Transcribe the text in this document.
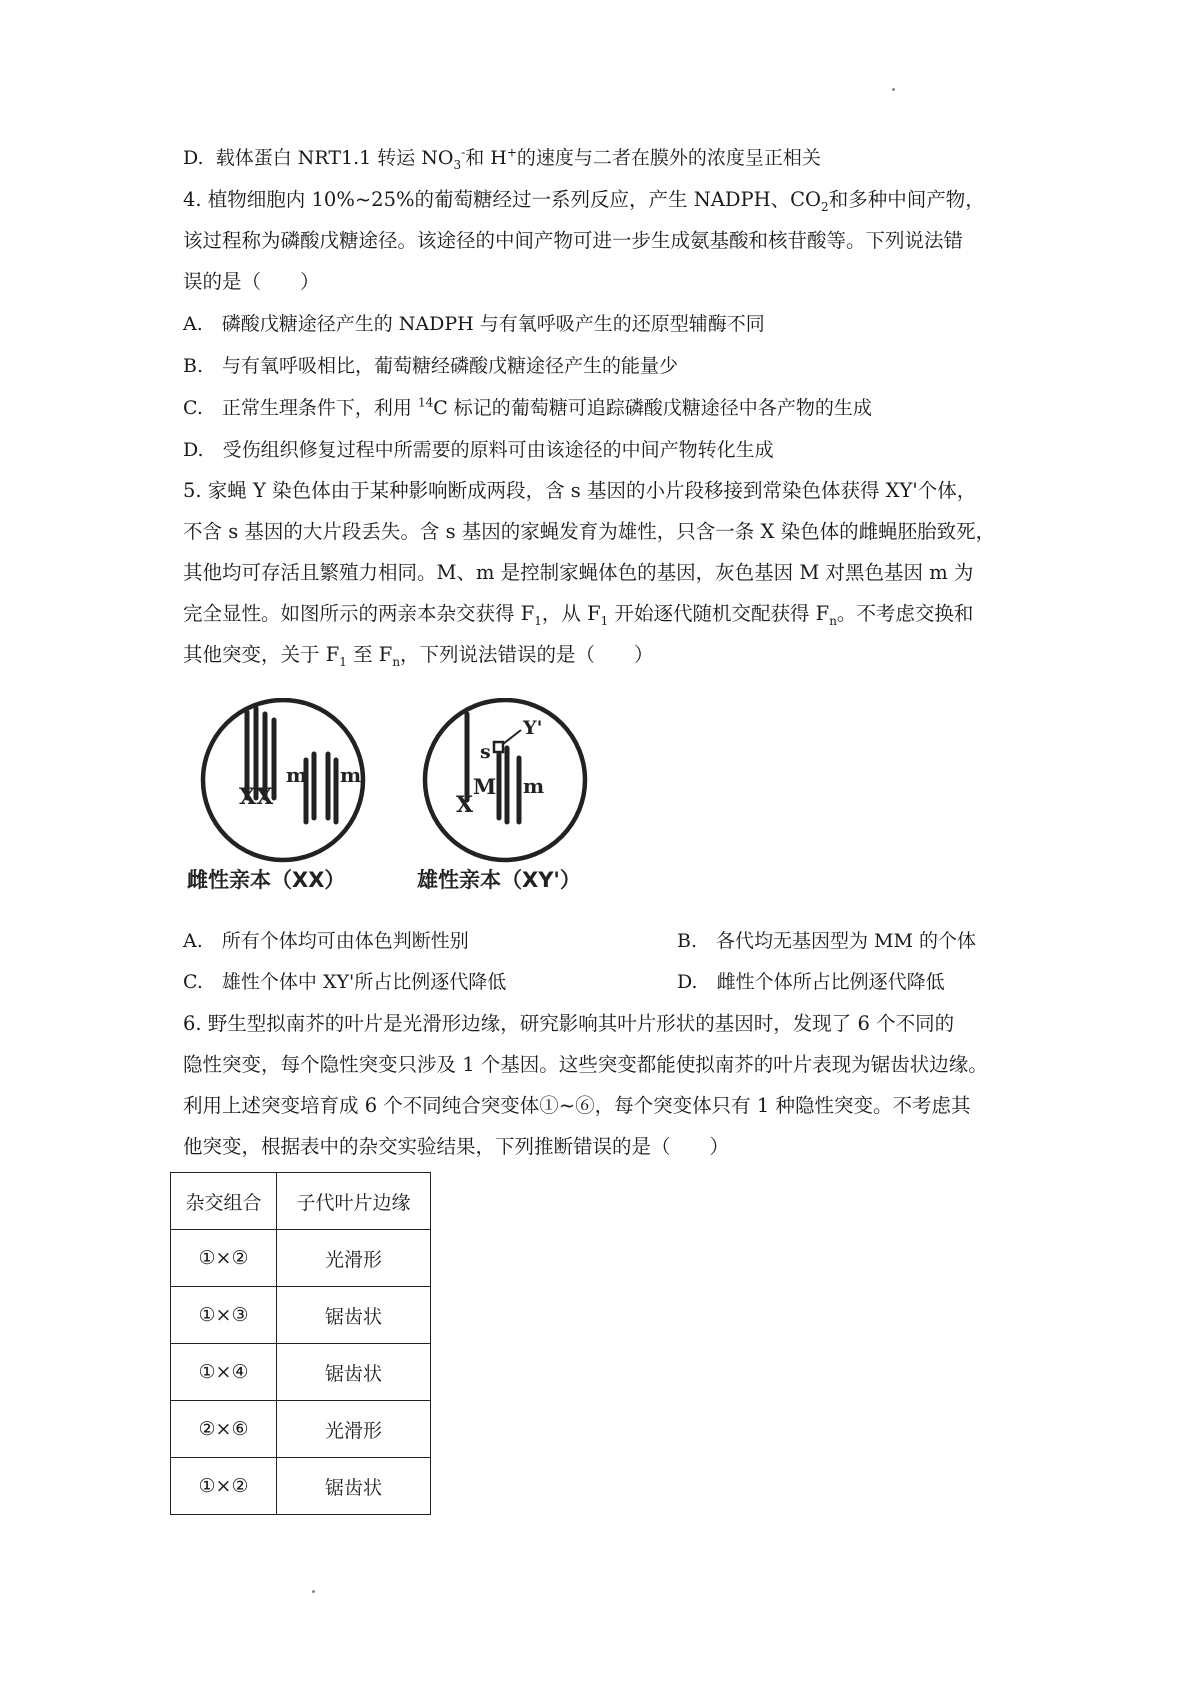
D. 载体蛋白 NRT1.1 转运 $NO_3^-$和 H+的速度与二者在膜外的浓度呈正相关
4. 植物细胞内 10%~25%的葡萄糖经过一系列反应，产生 NADPH、$CO_2$和多种中间产物，
该过程称为磷酸戊糖途径。该途径的中间产物可进一步生成氨基酸和核苷酸等。下列说法错
误的是（　　）
A.　磷酸戊糖途径产生的 NADPH 与有氧呼吸产生的还原型辅酶不同
B.　与有氧呼吸相比，葡萄糖经磷酸戊糖途径产生的能量少
C.　正常生理条件下，利用 $^{14}$C 标记的葡萄糖可追踪磷酸戊糖途径中各产物的生成
D.　受伤组织修复过程中所需要的原料可由该途径的中间产物转化生成
5. 家蝇 Y 染色体由于某种影响断成两段，含 s 基因的小片段移接到常染色体获得 XY'个体，
不含 s 基因的大片段丢失。含 s 基因的家蝇发育为雄性，只含一条 X 染色体的雌蝇胚胎致死，
其他均可存活且繁殖力相同。M、m 是控制家蝇体色的基因，灰色基因 M 对黑色基因 m 为
完全显性。如图所示的两亲本杂交获得 $F_1$，从 $F_1$ 开始逐代随机交配获得 $F_n$。不考虑交换和
其他突变，关于 $F_1$ 至 $F_n$，下列说法错误的是（　　）
XX
m m
X
s
Y'
M m
雌性亲本（XX）	雄性亲本（XY'）
A.　所有个体均可由体色判断性别	B.　各代均无基因型为 MM 的个体
C.　雄性个体中 XY'所占比例逐代降低	D.　雌性个体所占比例逐代降低
6. 野生型拟南芥的叶片是光滑形边缘，研究影响其叶片形状的基因时，发现了 6 个不同的
隐性突变，每个隐性突变只涉及 1 个基因。这些突变都能使拟南芥的叶片表现为锯齿状边缘。
利用上述突变培育成 6 个不同纯合突变体①~⑥，每个突变体只有 1 种隐性突变。不考虑其
他突变，根据表中的杂交实验结果，下列推断错误的是（　　）
杂交组合	子代叶片边缘
①×②	光滑形
①×③	锯齿状
①×④	锯齿状
②×⑥	光滑形
①×②	锯齿状
